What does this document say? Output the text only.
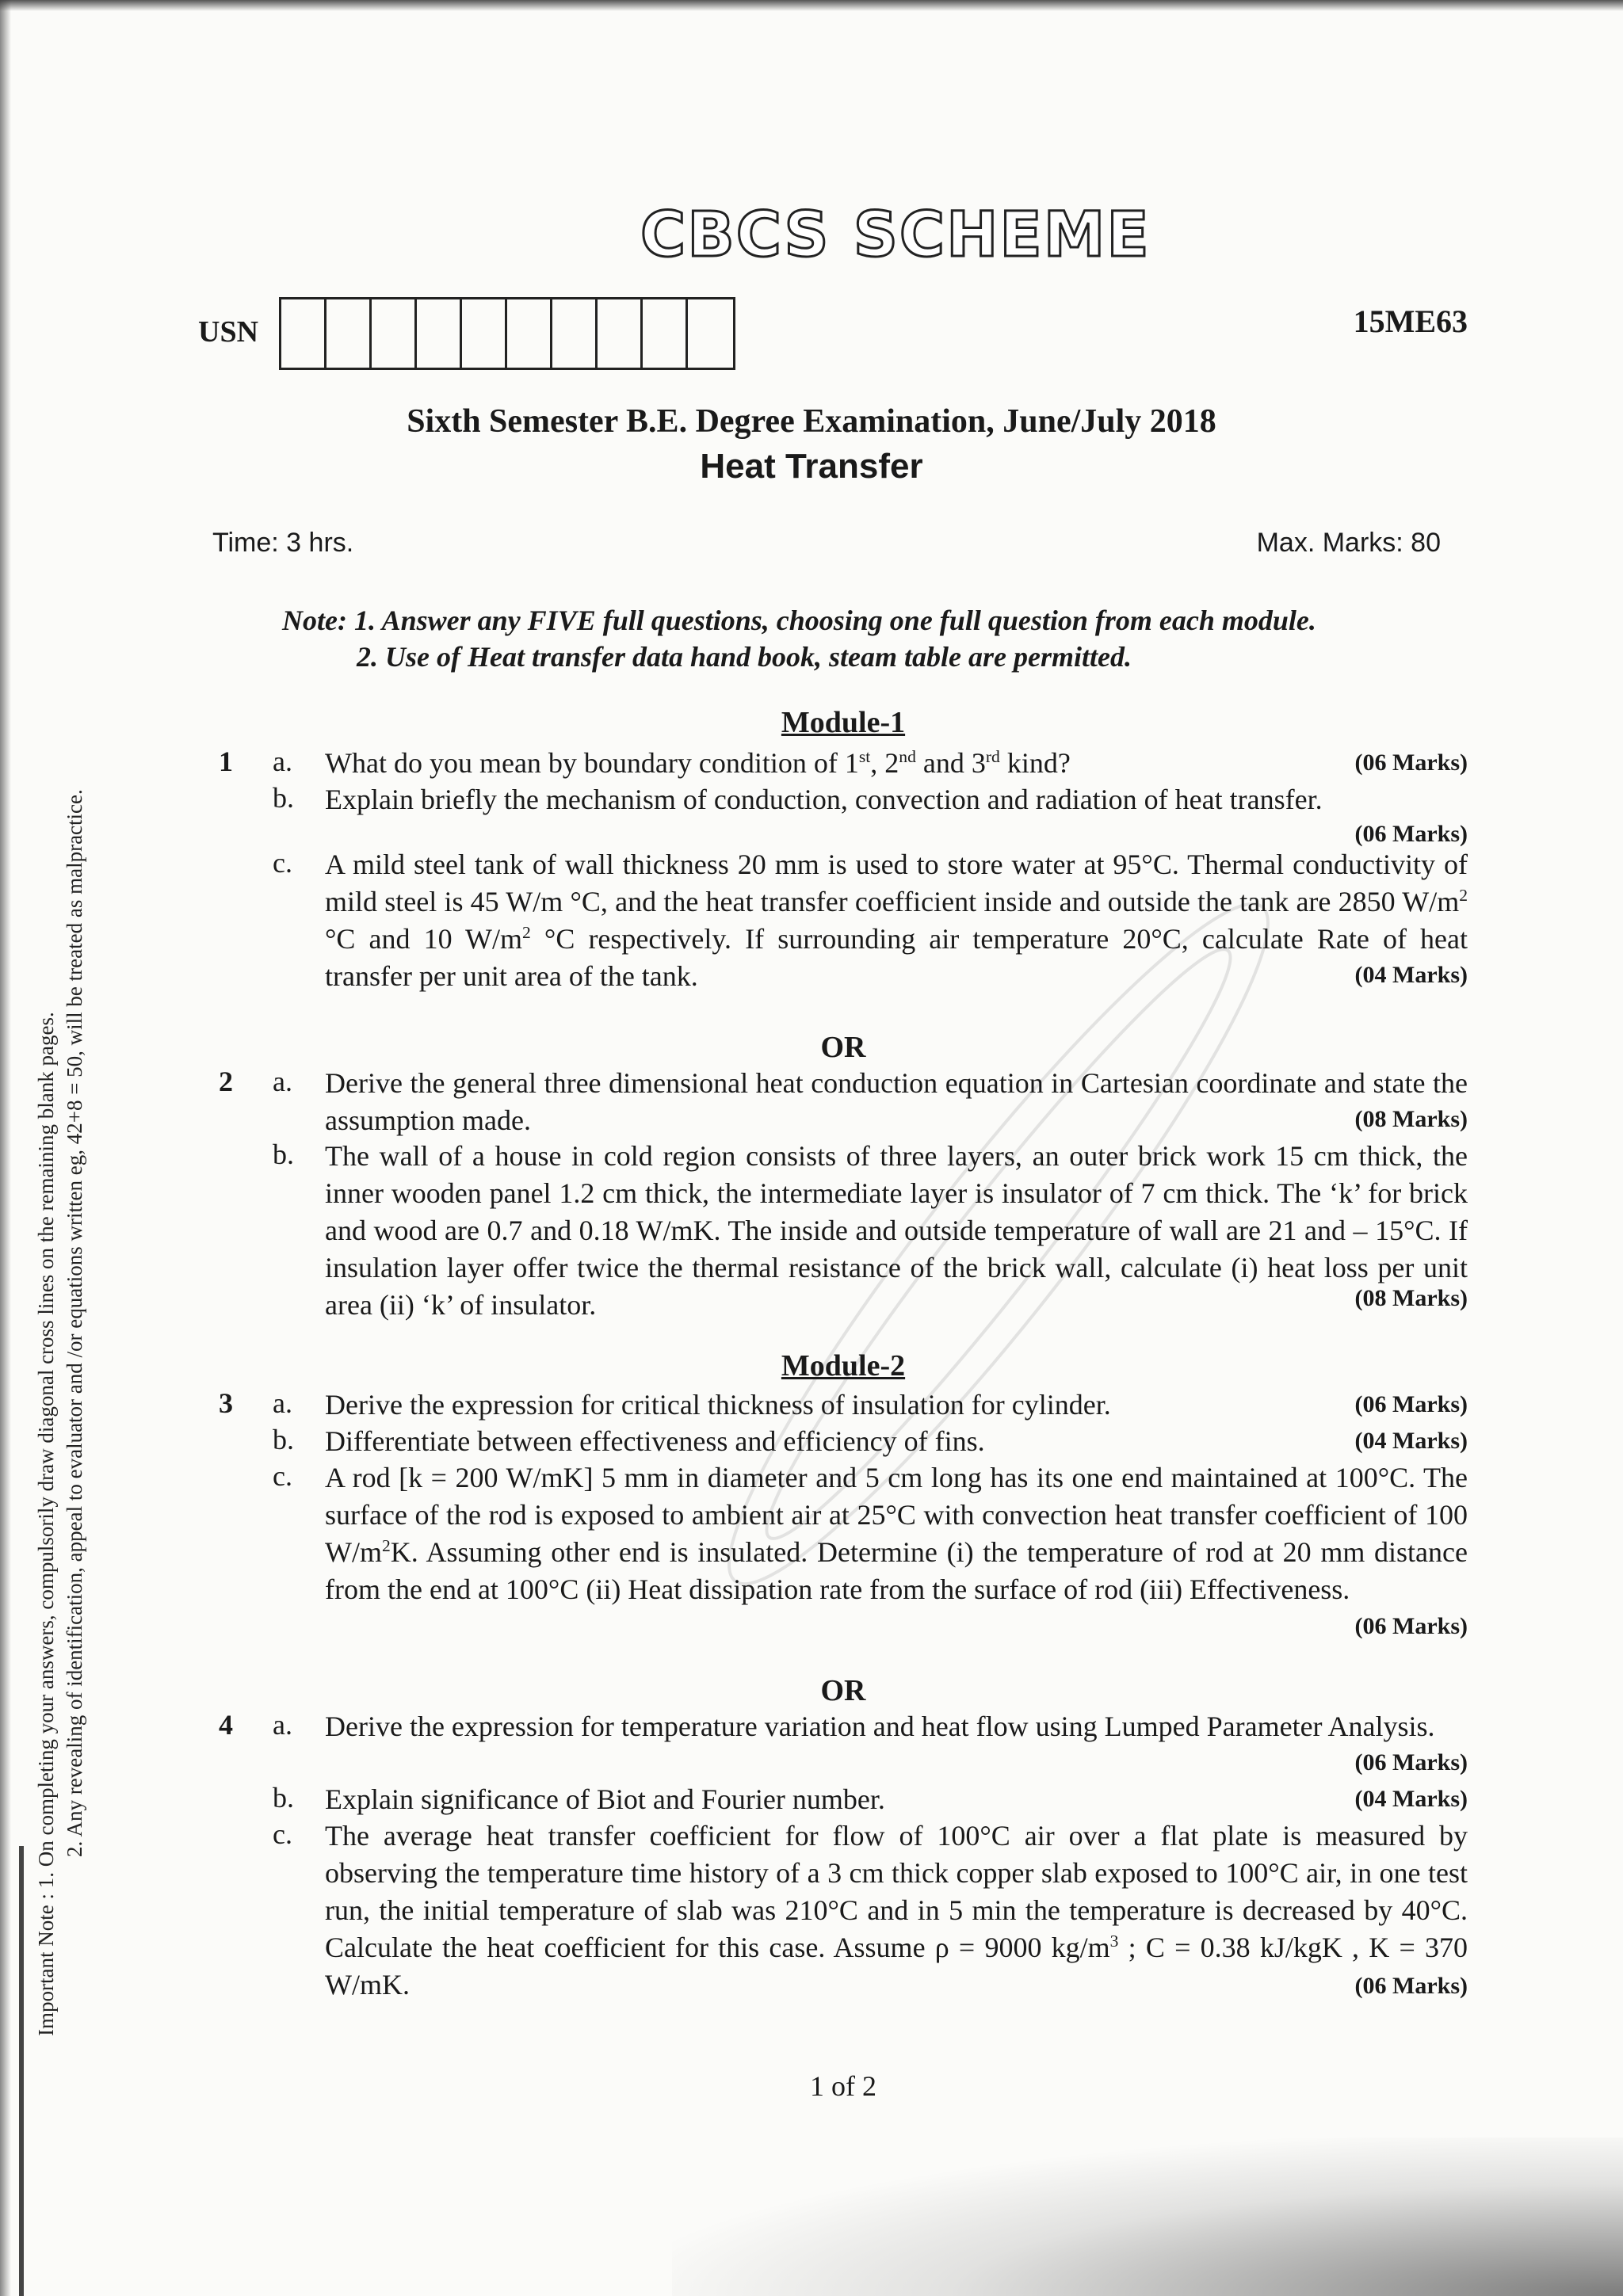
CBCS SCHEME
USN	15ME63
Sixth Semester B.E. Degree Examination, June/July 2018
Heat Transfer
Time: 3 hrs.	Max. Marks: 80
Note: 1. Answer any FIVE full questions, choosing one full question from each module.
2. Use of Heat transfer data hand book, steam table are permitted.
Important Note : 1. On completing your answers, compulsorily draw diagonal cross lines on the remaining blank pages. 2. Any revealing of identification, appeal to evaluator and /or equations written eg, 42+8 = 50, will be treated as malpractice.
Module-1
1 a. What do you mean by boundary condition of 1st, 2nd and 3rd kind?	(06 Marks)
b. Explain briefly the mechanism of conduction, convection and radiation of heat transfer.
(06 Marks)
c. A mild steel tank of wall thickness 20 mm is used to store water at 95°C. Thermal conductivity of mild steel is 45 W/m °C, and the heat transfer coefficient inside and outside the tank are 2850 $W/m^2$ °C and 10 $W/m^2$ °C respectively. If surrounding air temperature 20°C, calculate Rate of heat transfer per unit area of the tank.	(04 Marks)
OR
2 a. Derive the general three dimensional heat conduction equation in Cartesian coordinate and state the assumption made.	(08 Marks)
b. The wall of a house in cold region consists of three layers, an outer brick work 15 cm thick, the inner wooden panel 1.2 cm thick, the intermediate layer is insulator of 7 cm thick. The ‘k’ for brick and wood are 0.7 and 0.18 W/mK. The inside and outside temperature of wall are 21 and – 15°C. If insulation layer offer twice the thermal resistance of the brick wall, calculate (i) heat loss per unit area (ii) ‘k’ of insulator.	(08 Marks)
Module-2
3 a. Derive the expression for critical thickness of insulation for cylinder.	(06 Marks)
b. Differentiate between effectiveness and efficiency of fins.	(04 Marks)
c. A rod [k = 200 W/mK] 5 mm in diameter and 5 cm long has its one end maintained at 100°C. The surface of the rod is exposed to ambient air at 25°C with convection heat transfer coefficient of 100 $W/m^2K$. Assuming other end is insulated. Determine (i) the temperature of rod at 20 mm distance from the end at 100°C (ii) Heat dissipation rate from the surface of rod (iii) Effectiveness.
(06 Marks)
OR
4 a. Derive the expression for temperature variation and heat flow using Lumped Parameter Analysis.
(06 Marks)
b. Explain significance of Biot and Fourier number.	(04 Marks)
c. The average heat transfer coefficient for flow of 100°C air over a flat plate is measured by observing the temperature time history of a 3 cm thick copper slab exposed to 100°C air, in one test run, the initial temperature of slab was 210°C and in 5 min the temperature is decreased by 40°C. Calculate the heat coefficient for this case. Assume ρ = 9000 $kg/m^3$ ; C = 0.38 kJ/kgK , K = 370 W/mK.	(06 Marks)
1 of 2
